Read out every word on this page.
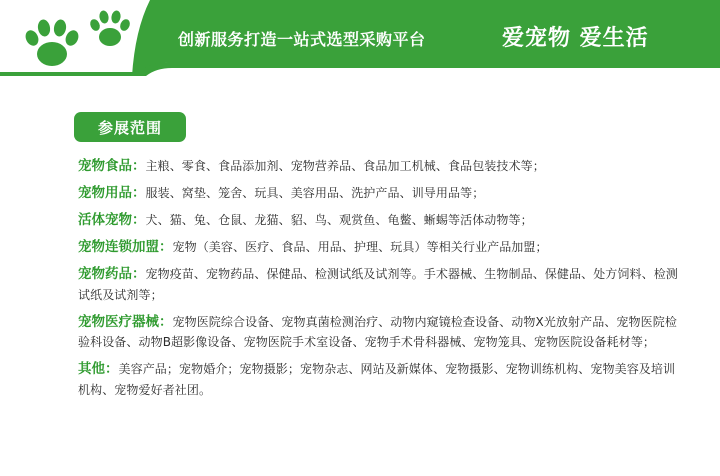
创新服务打造一站式选型采购平台	爱宠物 爱生活
参展范围
宠物食品：主粮、零食、食品添加剂、宠物营养品、食品加工机械、食品包装技术等；
宠物用品：服装、窝垫、笼舍、玩具、美容用品、洗护产品、训导用品等；
活体宠物：犬、猫、兔、仓鼠、龙猫、貂、鸟、观赏鱼、龟鳖、蜥蜴等活体动物等；
宠物连锁加盟：宠物（美容、医疗、食品、用品、护理、玩具）等相关行业产品加盟；
宠物药品：宠物疫苗、宠物药品、保健品、检测试纸及试剂等。手术器械、生物制品、保健品、处方饲料、检测试纸及试剂等；
宠物医疗器械：宠物医院综合设备、宠物真菌检测治疗、动物内窥镜检查设备、动物X光放射产品、宠物医院检验科设备、动物B超影像设备、宠物医院手术室设备、宠物手术骨科器械、宠物笼具、宠物医院设备耗材等；
其他：美容产品；宠物婚介；宠物摄影；宠物杂志、网站及新媒体、宠物摄影、宠物训练机构、宠物美容及培训机构、宠物爱好者社团。
